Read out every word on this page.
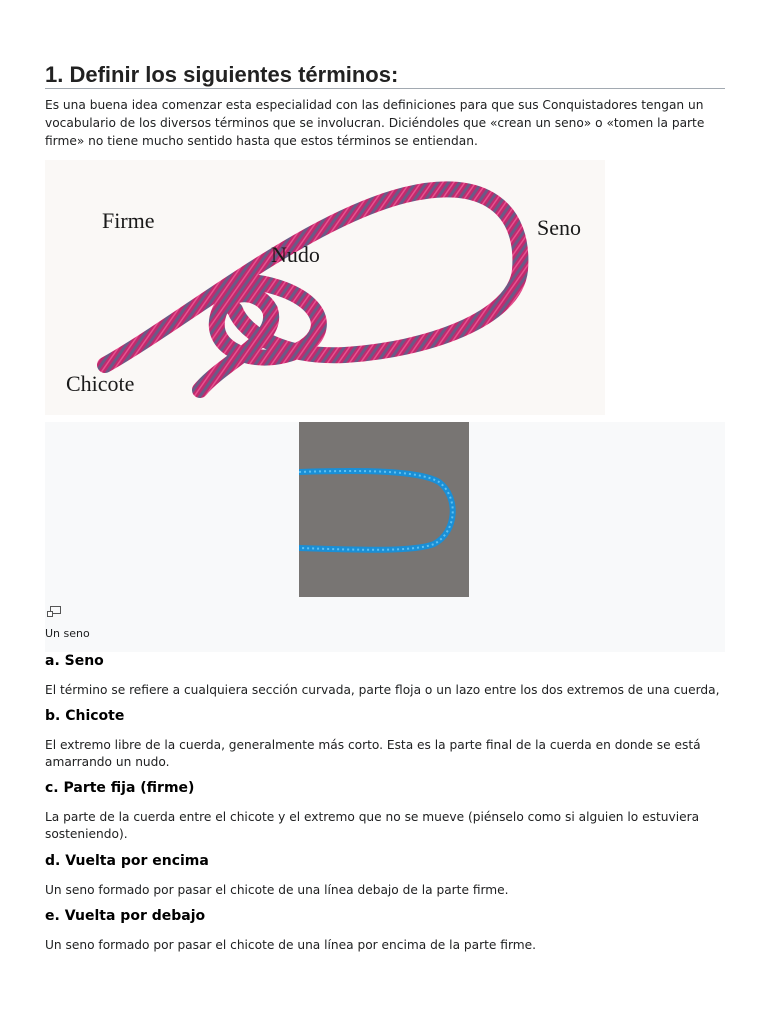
1. Definir los siguientes términos:

Es una buena idea comenzar esta especialidad con las definiciones para que sus Conquistadores tengan un vocabulario de los diversos términos que se involucran. Diciéndoles que «crean un seno» o «tomen la parte firme» no tiene mucho sentido hasta que estos términos se entiendan.

Firme
Nudo
Seno
Chicote
Un seno
a. Seno

El término se refiere a cualquiera sección curvada, parte floja o un lazo entre los dos extremos de una cuerda,

b. Chicote

El extremo libre de la cuerda, generalmente más corto. Esta es la parte final de la cuerda en donde se está amarrando un nudo.

c. Parte fija (firme)

La parte de la cuerda entre el chicote y el extremo que no se mueve (piénselo como si alguien lo estuviera sosteniendo).

d. Vuelta por encima

Un seno formado por pasar el chicote de una línea debajo de la parte firme.

e. Vuelta por debajo

Un seno formado por pasar el chicote de una línea por encima de la parte firme.
